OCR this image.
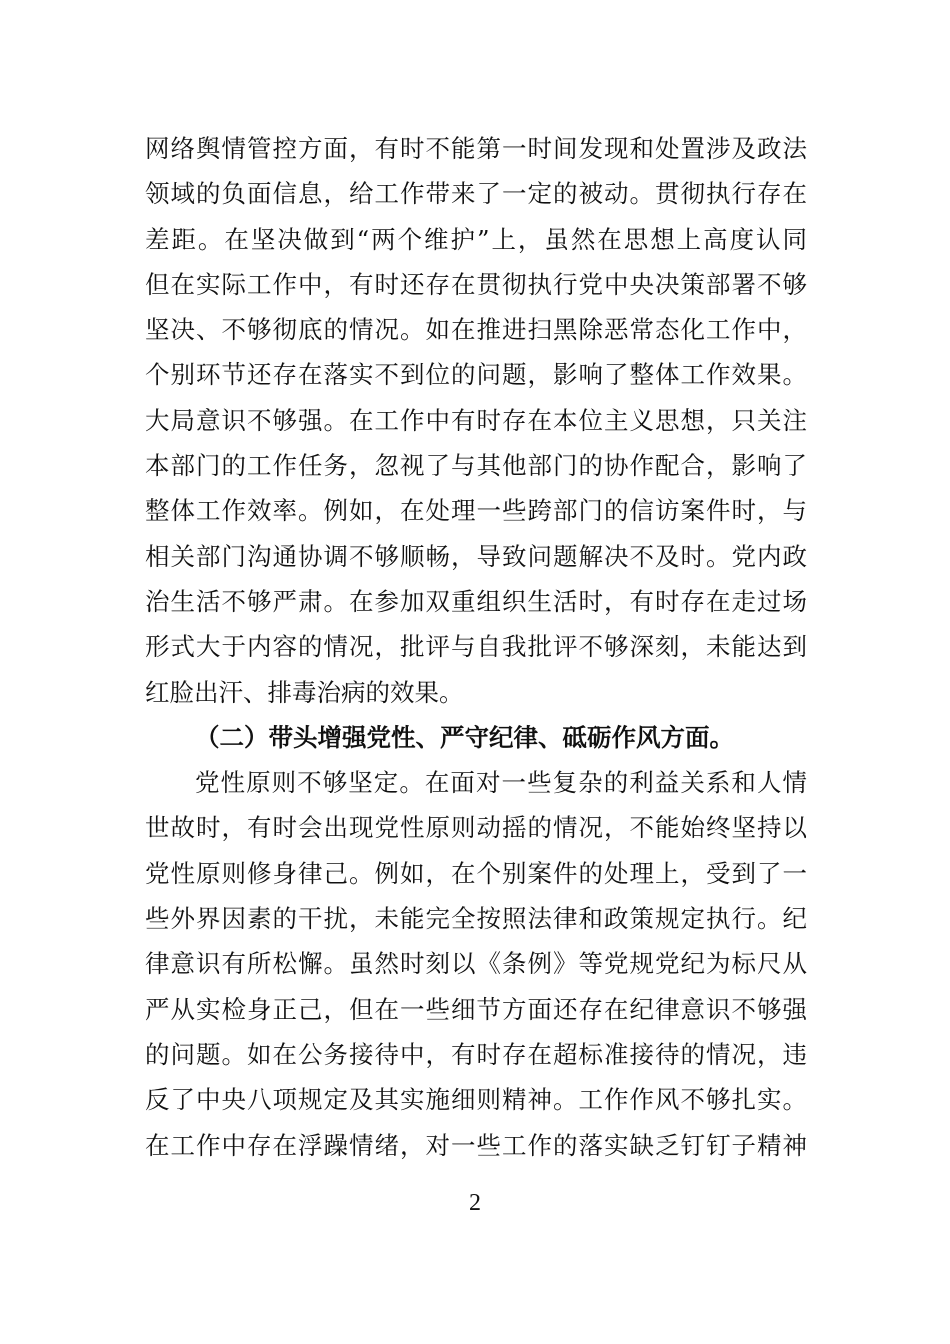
网络舆情管控方面，有时不能第一时间发现和处置涉及政法
领域的负面信息，给工作带来了一定的被动。贯彻执行存在
差距。在坚决做到“两个维护”上，虽然在思想上高度认同
但在实际工作中，有时还存在贯彻执行党中央决策部署不够
坚决、不够彻底的情况。如在推进扫黑除恶常态化工作中，
个别环节还存在落实不到位的问题，影响了整体工作效果。
大局意识不够强。在工作中有时存在本位主义思想，只关注
本部门的工作任务，忽视了与其他部门的协作配合，影响了
整体工作效率。例如，在处理一些跨部门的信访案件时，与
相关部门沟通协调不够顺畅，导致问题解决不及时。党内政
治生活不够严肃。在参加双重组织生活时，有时存在走过场
形式大于内容的情况，批评与自我批评不够深刻，未能达到
红脸出汗、排毒治病的效果。
（二）带头增强党性、严守纪律、砥砺作风方面。
党性原则不够坚定。在面对一些复杂的利益关系和人情
世故时，有时会出现党性原则动摇的情况，不能始终坚持以
党性原则修身律己。例如，在个别案件的处理上，受到了一
些外界因素的干扰，未能完全按照法律和政策规定执行。纪
律意识有所松懈。虽然时刻以《条例》等党规党纪为标尺从
严从实检身正己，但在一些细节方面还存在纪律意识不够强
的问题。如在公务接待中，有时存在超标准接待的情况，违
反了中央八项规定及其实施细则精神。工作作风不够扎实。
在工作中存在浮躁情绪，对一些工作的落实缺乏钉钉子精神
2
